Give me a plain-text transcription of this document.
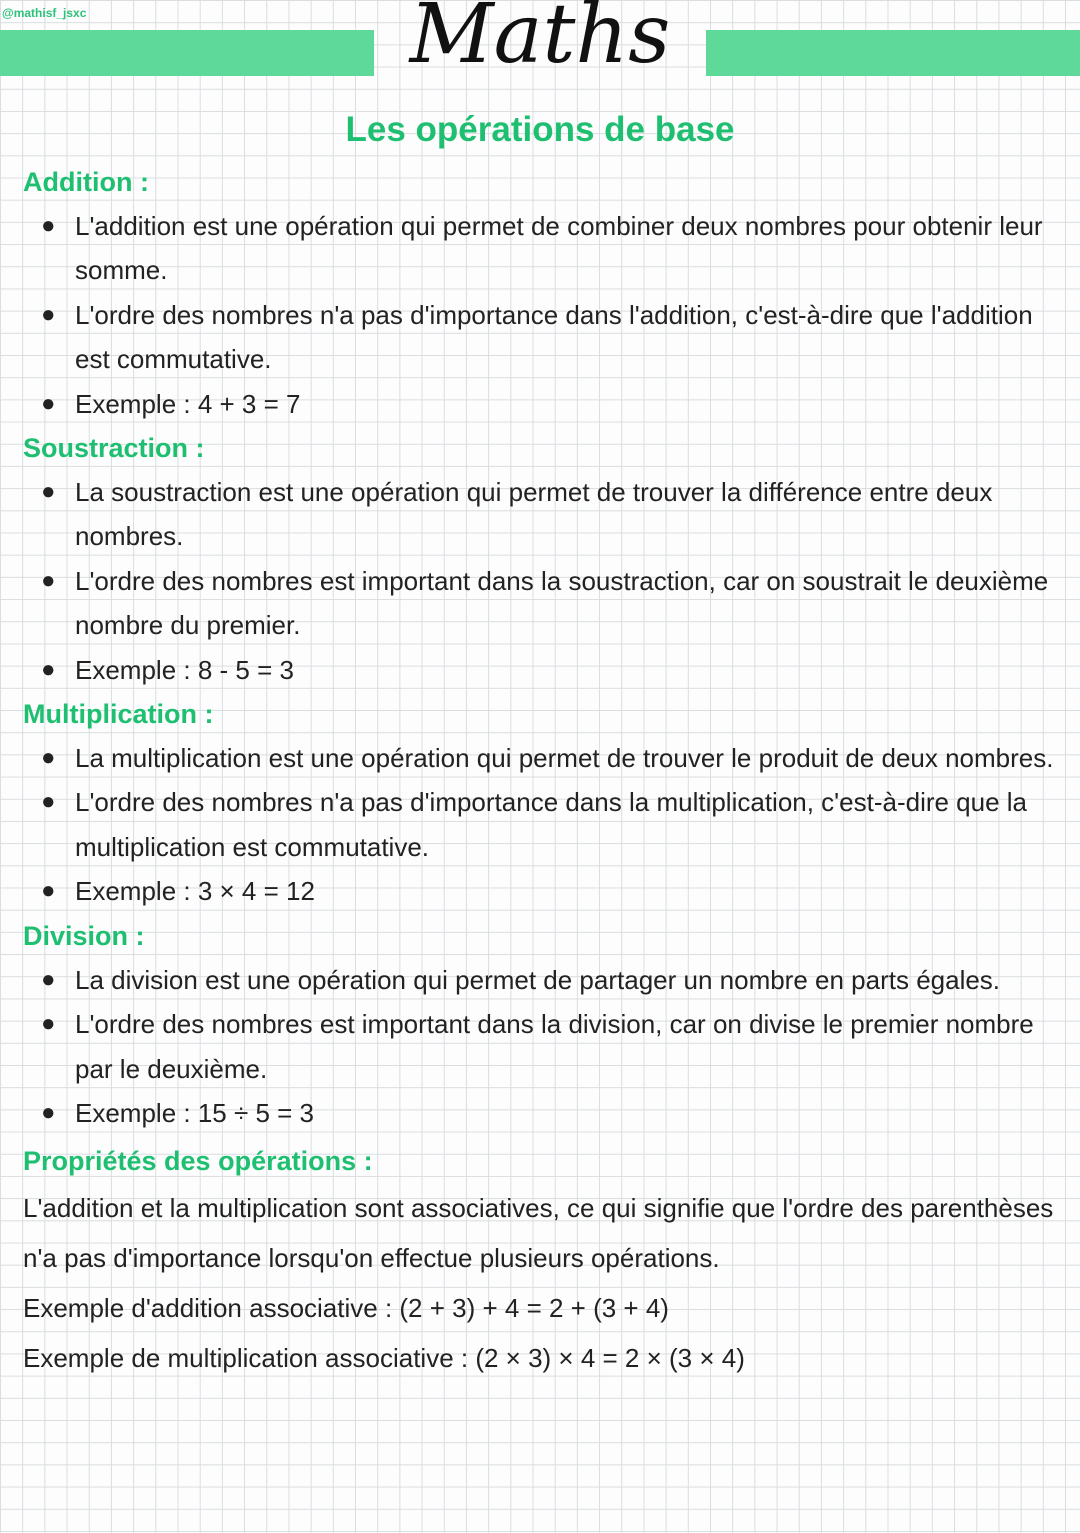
@mathisf_jsxc	Maths
Les opérations de base
Addition :
● L'addition est une opération qui permet de combiner deux nombres pour obtenir leur somme.
● L'ordre des nombres n'a pas d'importance dans l'addition, c'est-à-dire que l'addition est commutative.
● Exemple : 4 + 3 = 7
Soustraction :
● La soustraction est une opération qui permet de trouver la différence entre deux nombres.
● L'ordre des nombres est important dans la soustraction, car on soustrait le deuxième nombre du premier.
● Exemple : 8 - 5 = 3
Multiplication :
● La multiplication est une opération qui permet de trouver le produit de deux nombres.
● L'ordre des nombres n'a pas d'importance dans la multiplication, c'est-à-dire que la multiplication est commutative.
● Exemple : 3 × 4 = 12
Division :
● La division est une opération qui permet de partager un nombre en parts égales.
● L'ordre des nombres est important dans la division, car on divise le premier nombre par le deuxième.
● Exemple : 15 ÷ 5 = 3
Propriétés des opérations :
L'addition et la multiplication sont associatives, ce qui signifie que l'ordre des parenthèses n'a pas d'importance lorsqu'on effectue plusieurs opérations.
Exemple d'addition associative : (2 + 3) + 4 = 2 + (3 + 4)
Exemple de multiplication associative : (2 × 3) × 4 = 2 × (3 × 4)
